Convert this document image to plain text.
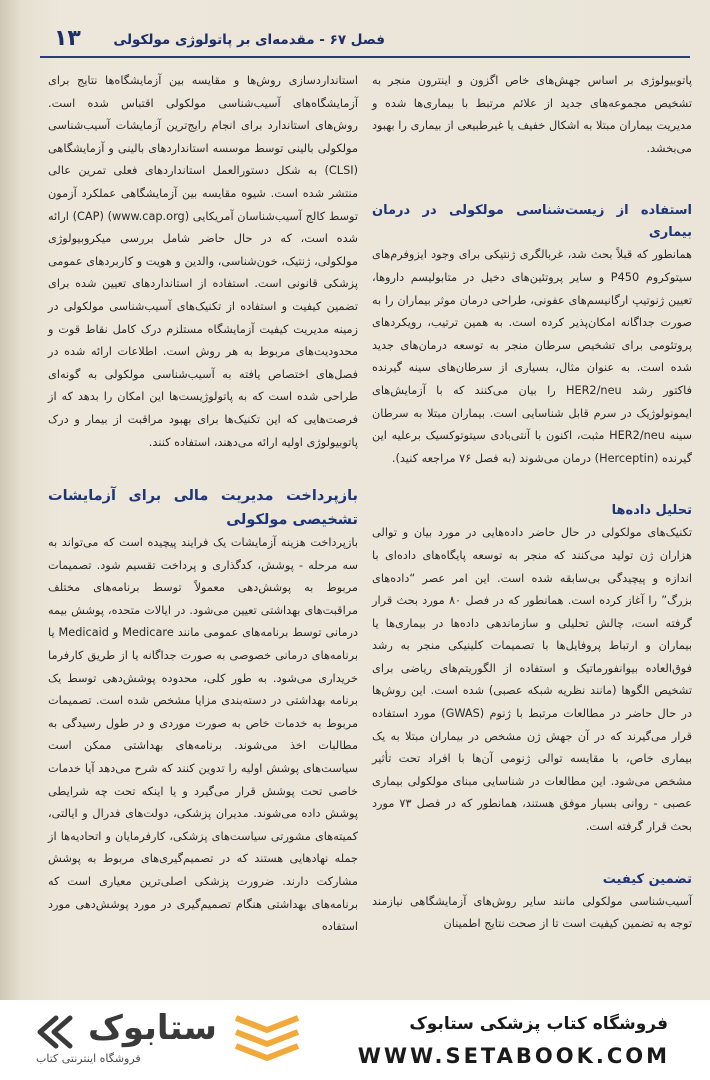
فصل ۶۷ - مقدمه‌ای بر پاتولوژی مولکولی
۱۳

پاتوبیولوژی بر اساس جهش‌های خاص اگزون و اینترون منجر به تشخیص مجموعه‌های جدید از علائم مرتبط با بیماری‌ها شده و مدیریت بیماران مبتلا به اشکال خفیف یا غیرطبیعی از بیماری را بهبود می‌بخشد.

استفاده از زیست‌شناسی مولکولی در درمان بیماری

همانطور که قبلاً بحث شد، غربالگری ژنتیکی برای وجود ایزوفرم‌های سیتوکروم P450 و سایر پروتئین‌های دخیل در متابولیسم داروها، تعیین ژنوتیپ ارگانیسم‌های عفونی، طراحی درمان موثر بیماران را به صورت جداگانه امکان‌پذیر کرده است. به همین ترتیب، رویکردهای پروتئومی برای تشخیص سرطان منجر به توسعه درمان‌های جدید شده است. به عنوان مثال، بسیاری از سرطان‌های سینه گیرنده فاکتور رشد HER2/neu را بیان می‌کنند که با آزمایش‌های ایمونولوژیک در سرم قابل شناسایی است. بیماران مبتلا به سرطان سینه HER2/neu مثبت، اکنون با آنتی‌بادی سیتوتوکسیک برعلیه این گیرنده (Herceptin) درمان می‌شوند (به فصل ۷۶ مراجعه کنید).

تحلیل داده‌ها

تکنیک‌های مولکولی در حال حاضر داده‌هایی در مورد بیان و توالی هزاران ژن تولید می‌کنند که منجر به توسعه پایگاه‌های داده‌ای با اندازه و پیچیدگی بی‌سابقه شده است. این امر عصر “داده‌های بزرگ” را آغاز کرده است. همانطور که در فصل ۸۰ مورد بحث قرار گرفته است، چالش تحلیلی و سازماندهی داده‌ها در بیماری‌ها یا بیماران و ارتباط پروفایل‌ها با تصمیمات کلینیکی منجر به رشد فوق‌العاده بیوانفورماتیک و استفاده از الگوریتم‌های ریاضی برای تشخیص الگوها (مانند نظریه شبکه عصبی) شده است. این روش‌ها در حال حاضر در مطالعات مرتبط با ژنوم (GWAS) مورد استفاده قرار می‌گیرند که در آن جهش ژن مشخص در بیماران مبتلا به یک بیماری خاص، با مقایسه توالی ژنومی آن‌ها با افراد تحت تأثیر مشخص می‌شود. این مطالعات در شناسایی مبنای مولکولی بیماری عصبی - روانی بسیار موفق هستند، همانطور که در فصل ۷۳ مورد بحث قرار گرفته است.

تضمین کیفیت

آسیب‌شناسی مولکولی مانند سایر روش‌های آزمایشگاهی نیازمند توجه به تضمین کیفیت است تا از صحت نتایج اطمینان

استانداردسازی روش‌ها و مقایسه بین آزمایشگاه‌ها نتایج برای آزمایشگاه‌های آسیب‌شناسی مولکولی اقتباس شده است. روش‌های استاندارد برای انجام رایج‌ترین آزمایشات آسیب‌شناسی مولکولی بالینی توسط موسسه استانداردهای بالینی و آزمایشگاهی (CLSI) به شکل دستورالعمل استانداردهای فعلی تمرین عالی منتشر شده است. شیوه مقایسه بین آزمایشگاهی عملکرد آزمون توسط کالج آسیب‌شناسان آمریکایی (www.cap.org) (CAP) ارائه شده است، که در حال حاضر شامل بررسی میکروبیولوژی مولکولی، ژنتیک، خون‌شناسی، والدین و هویت و کاربردهای عمومی پزشکی قانونی است. استفاده از استانداردهای تعیین شده برای تضمین کیفیت و استفاده از تکنیک‌های آسیب‌شناسی مولکولی در زمینه مدیریت کیفیت آزمایشگاه مستلزم درک کامل نقاط قوت و محدودیت‌های مربوط به هر روش است. اطلاعات ارائه شده در فصل‌های اختصاص یافته به آسیب‌شناسی مولکولی به گونه‌ای طراحی شده است که به پاتولوژیست‌ها این امکان را بدهد که از فرصت‌هایی که این تکنیک‌ها برای بهبود مراقبت از بیمار و درک پاتوبیولوژی اولیه ارائه می‌دهند، استفاده کنند.

بازپرداخت مدیریت مالی برای آزمایشات تشخیصی مولکولی

بازپرداخت هزینه آزمایشات یک فرایند پیچیده است که می‌تواند به سه مرحله - پوشش، کدگذاری و پرداخت تقسیم شود. تصمیمات مربوط به پوشش‌دهی معمولاً توسط برنامه‌های مختلف مراقبت‌های بهداشتی تعیین می‌شود. در ایالات متحده، پوشش بیمه درمانی توسط برنامه‌های عمومی مانند Medicare و Medicaid یا برنامه‌های درمانی خصوصی به صورت جداگانه یا از طریق کارفرما خریداری می‌شود. به طور کلی، محدوده پوشش‌دهی توسط یک برنامه بهداشتی در دسته‌بندی مزایا مشخص شده است. تصمیمات مربوط به خدمات خاص به صورت موردی و در طول رسیدگی به مطالبات اخذ می‌شوند. برنامه‌های بهداشتی ممکن است سیاست‌های پوشش اولیه را تدوین کنند که شرح می‌دهد آیا خدمات خاصی تحت پوشش قرار می‌گیرد و یا اینکه تحت چه شرایطی پوشش داده می‌شوند. مدیران پزشکی، دولت‌های فدرال و ایالتی، کمیته‌های مشورتی سیاست‌های پزشکی، کارفرمایان و اتحادیه‌ها از جمله نهادهایی هستند که در تصمیم‌گیری‌های مربوط به پوشش مشارکت دارند. ضرورت پزشکی اصلی‌ترین معیاری است که برنامه‌های بهداشتی هنگام تصمیم‌گیری در مورد پوشش‌دهی مورد استفاده

ستابوک
فروشگاه اینترنتی کتاب
فروشگاه کتاب پزشکی ستابوک
WWW.SETABOOK.COM
